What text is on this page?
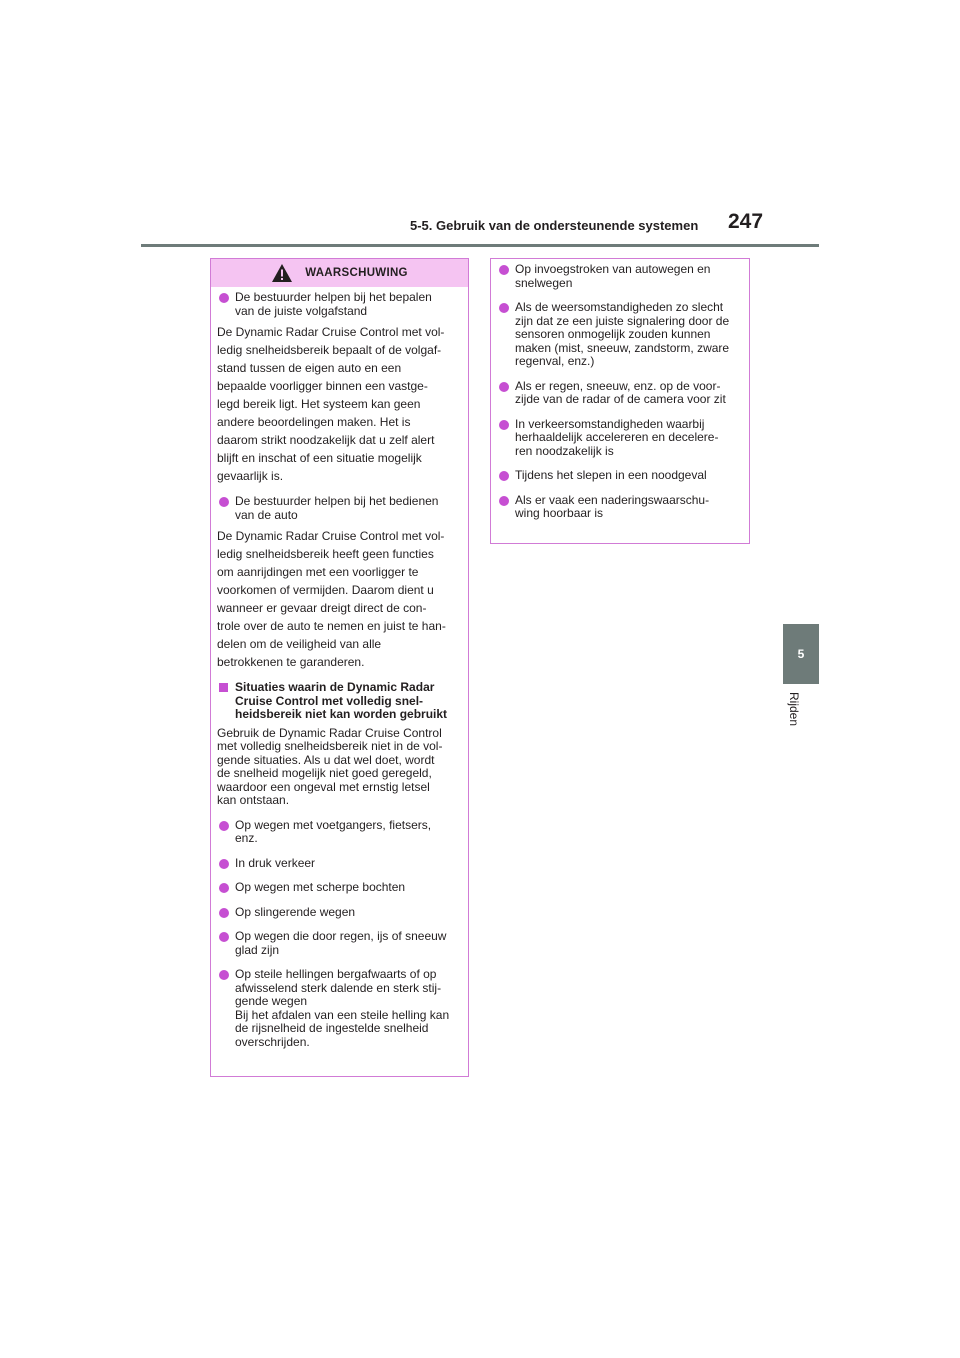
5-5. Gebruik van de ondersteunende systemen 247
5
Rijden
WAARSCHUWING
De bestuurder helpen bij het bepalen
van de juiste volgafstand
De Dynamic Radar Cruise Control met vol-
ledig snelheidsbereik bepaalt of de volgaf-
stand tussen de eigen auto en een
bepaalde voorligger binnen een vastge-
legd bereik ligt. Het systeem kan geen
andere beoordelingen maken. Het is
daarom strikt noodzakelijk dat u zelf alert
blijft en inschat of een situatie mogelijk
gevaarlijk is.
De bestuurder helpen bij het bedienen
van de auto
De Dynamic Radar Cruise Control met vol-
ledig snelheidsbereik heeft geen functies
om aanrijdingen met een voorligger te
voorkomen of vermijden. Daarom dient u
wanneer er gevaar dreigt direct de con-
trole over de auto te nemen en juist te han-
delen om de veiligheid van alle
betrokkenen te garanderen.
Situaties waarin de Dynamic Radar
Cruise Control met volledig snel-
heidsbereik niet kan worden gebruikt
Gebruik de Dynamic Radar Cruise Control
met volledig snelheidsbereik niet in de vol-
gende situaties. Als u dat wel doet, wordt
de snelheid mogelijk niet goed geregeld,
waardoor een ongeval met ernstig letsel
kan ontstaan.
Op wegen met voetgangers, fietsers,
enz.
In druk verkeer
Op wegen met scherpe bochten
Op slingerende wegen
Op wegen die door regen, ijs of sneeuw
glad zijn
Op steile hellingen bergafwaarts of op
afwisselend sterk dalende en sterk stij-
gende wegen
Bij het afdalen van een steile helling kan
de rijsnelheid de ingestelde snelheid
overschrijden.
Op invoegstroken van autowegen en
snelwegen
Als de weersomstandigheden zo slecht
zijn dat ze een juiste signalering door de
sensoren onmogelijk zouden kunnen
maken (mist, sneeuw, zandstorm, zware
regenval, enz.)
Als er regen, sneeuw, enz. op de voor-
zijde van de radar of de camera voor zit
In verkeersomstandigheden waarbij
herhaaldelijk accelereren en decelere-
ren noodzakelijk is
Tijdens het slepen in een noodgeval
Als er vaak een naderingswaarschu-
wing hoorbaar is
